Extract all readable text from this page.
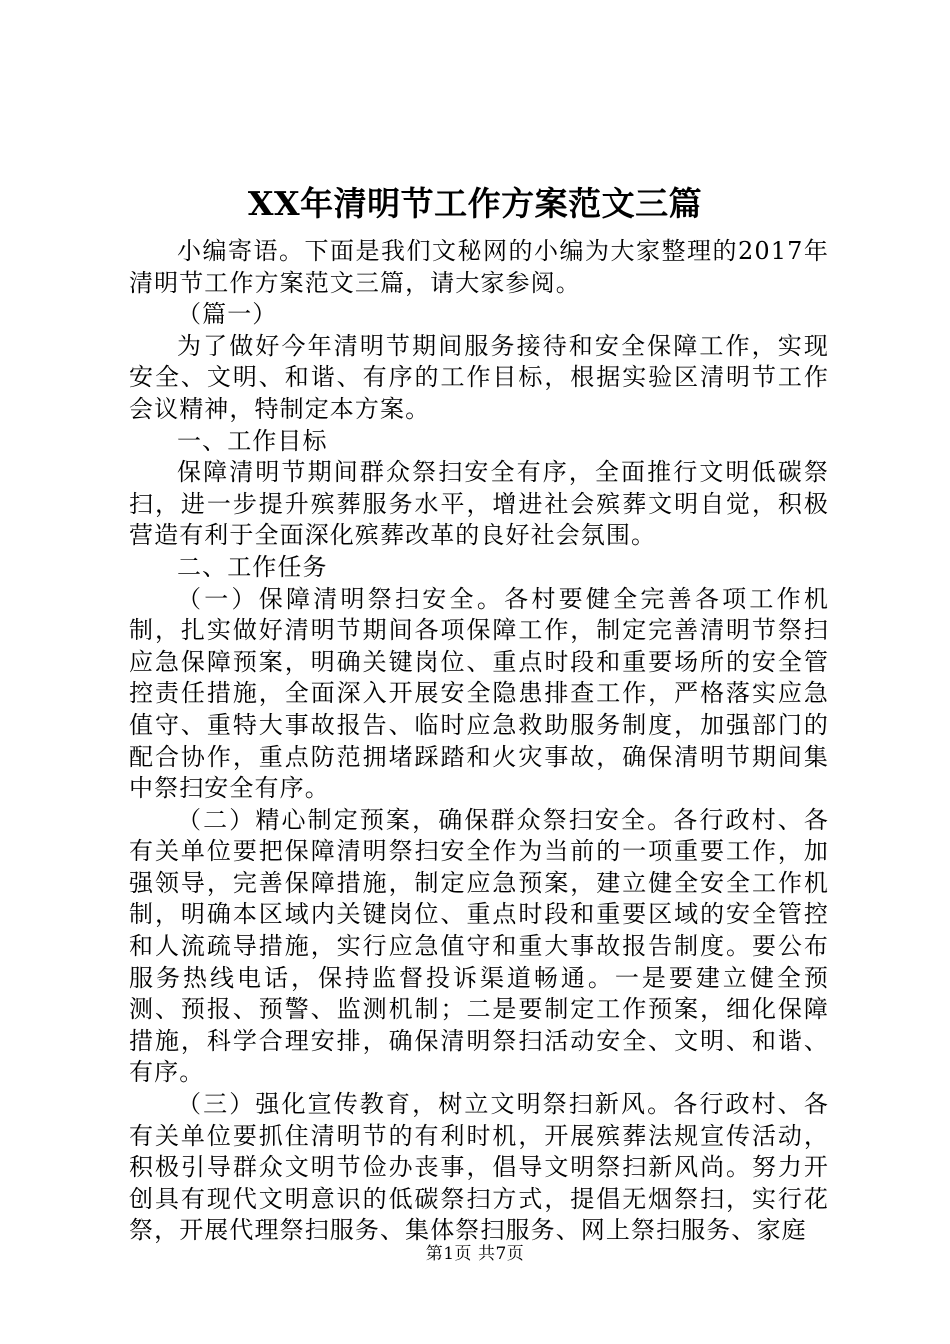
XX年清明节工作方案范文三篇

小编寄语。下面是我们文秘网的小编为大家整理的2017年清明节工作方案范文三篇，请大家参阅。

（篇一）

为了做好今年清明节期间服务接待和安全保障工作，实现安全、文明、和谐、有序的工作目标，根据实验区清明节工作会议精神，特制定本方案。

一、工作目标

保障清明节期间群众祭扫安全有序，全面推行文明低碳祭扫，进一步提升殡葬服务水平，增进社会殡葬文明自觉，积极营造有利于全面深化殡葬改革的良好社会氛围。

二、工作任务

（一）保障清明祭扫安全。各村要健全完善各项工作机制，扎实做好清明节期间各项保障工作，制定完善清明节祭扫应急保障预案，明确关键岗位、重点时段和重要场所的安全管控责任措施，全面深入开展安全隐患排查工作，严格落实应急值守、重特大事故报告、临时应急救助服务制度，加强部门的配合协作，重点防范拥堵踩踏和火灾事故，确保清明节期间集中祭扫安全有序。

（二）精心制定预案，确保群众祭扫安全。各行政村、各有关单位要把保障清明祭扫安全作为当前的一项重要工作，加强领导，完善保障措施，制定应急预案，建立健全安全工作机制，明确本区域内关键岗位、重点时段和重要区域的安全管控和人流疏导措施，实行应急值守和重大事故报告制度。要公布服务热线电话，保持监督投诉渠道畅通。一是要建立健全预测、预报、预警、监测机制；二是要制定工作预案，细化保障措施，科学合理安排，确保清明祭扫活动安全、文明、和谐、有序。

（三）强化宣传教育，树立文明祭扫新风。各行政村、各有关单位要抓住清明节的有利时机，开展殡葬法规宣传活动，积极引导群众文明节俭办丧事，倡导文明祭扫新风尚。努力开创具有现代文明意识的低碳祭扫方式，提倡无烟祭扫，实行花祭，开展代理祭扫服务、集体祭扫服务、网上祭扫服务、家庭

第1页 共7页
